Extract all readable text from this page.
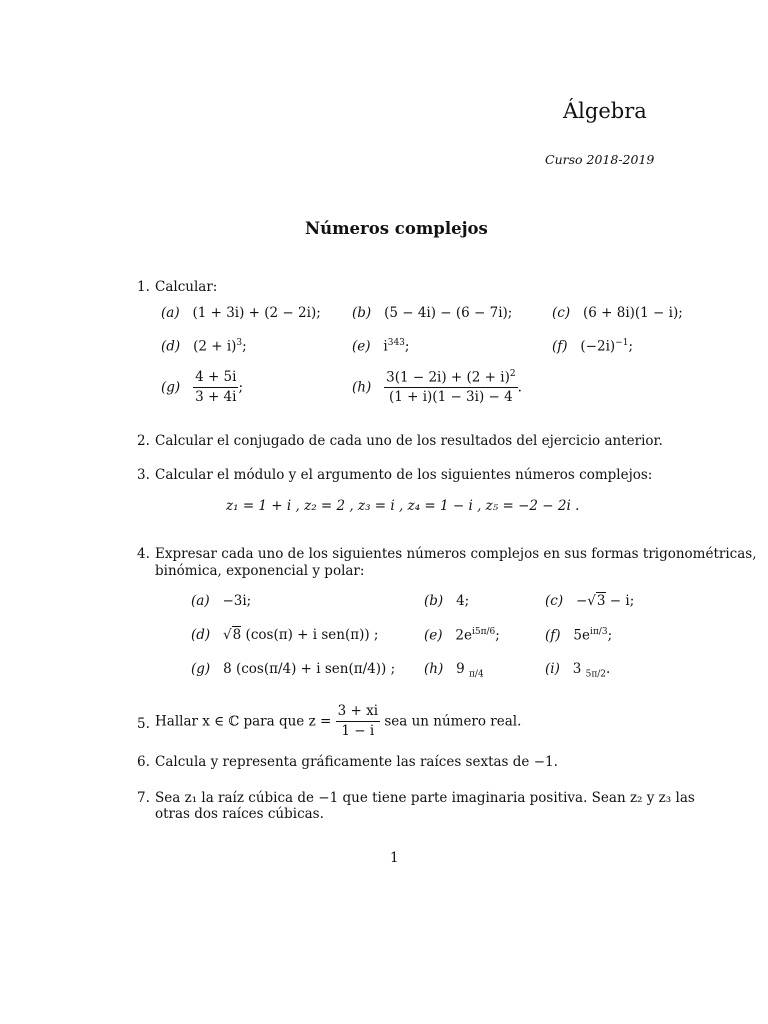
Álgebra
Curso 2018-2019
Números complejos
1. Calcular:
(a) (1 + 3i) + (2 − 2i); (b) (5 − 4i) − (6 − 7i);	(c) (6 + 8i)(1 − i);
(d) $(2 + i)^3$;	(e) $i^{343}$;	(f) $(-2i)^{-1}$;
$(g) \frac{4 + 5i}{3 + 4i}$ ;	$(h) \frac{3(1 - 2i) + (2 + i)^2}{(1 + i)(1 - 3i) - 4}$ .
2. Calcular el conjugado de cada uno de los resultados del ejercicio anterior.
3. Calcular el módulo y el argumento de los siguientes números complejos:
z₁ = 1 + i , z₂ = 2 , z₃ = i , z₄ = 1 − i , z₅ = −2 − 2i .
4. Expresar cada uno de los siguientes números complejos en sus formas trigonométricas,
binómica, exponencial y polar:
(a) −3i;	(b) 4;	(c) −√3 − i;
(d)   √8 (cos(π) + i sen(π)) ;	(e) $2e^{i5\pi/6}$;	(f) $5e^{i\pi/3}$;
(g) 8 (cos(π/4) + i sen(π/4)) ; (h) 9 $_{\pi/4}$	(i) 3 $_{5\pi/2}$.
5. Hallar x ∈ ℂ para que $z = \frac{3 + xi}{1 - i}$ sea un número real.
6. Calcula y representa gráficamente las raíces sextas de −1.
7. Sea z₁ la raíz cúbica de −1 que tiene parte imaginaria positiva. Sean z₂ y z₃ las
otras dos raíces cúbicas.
1
